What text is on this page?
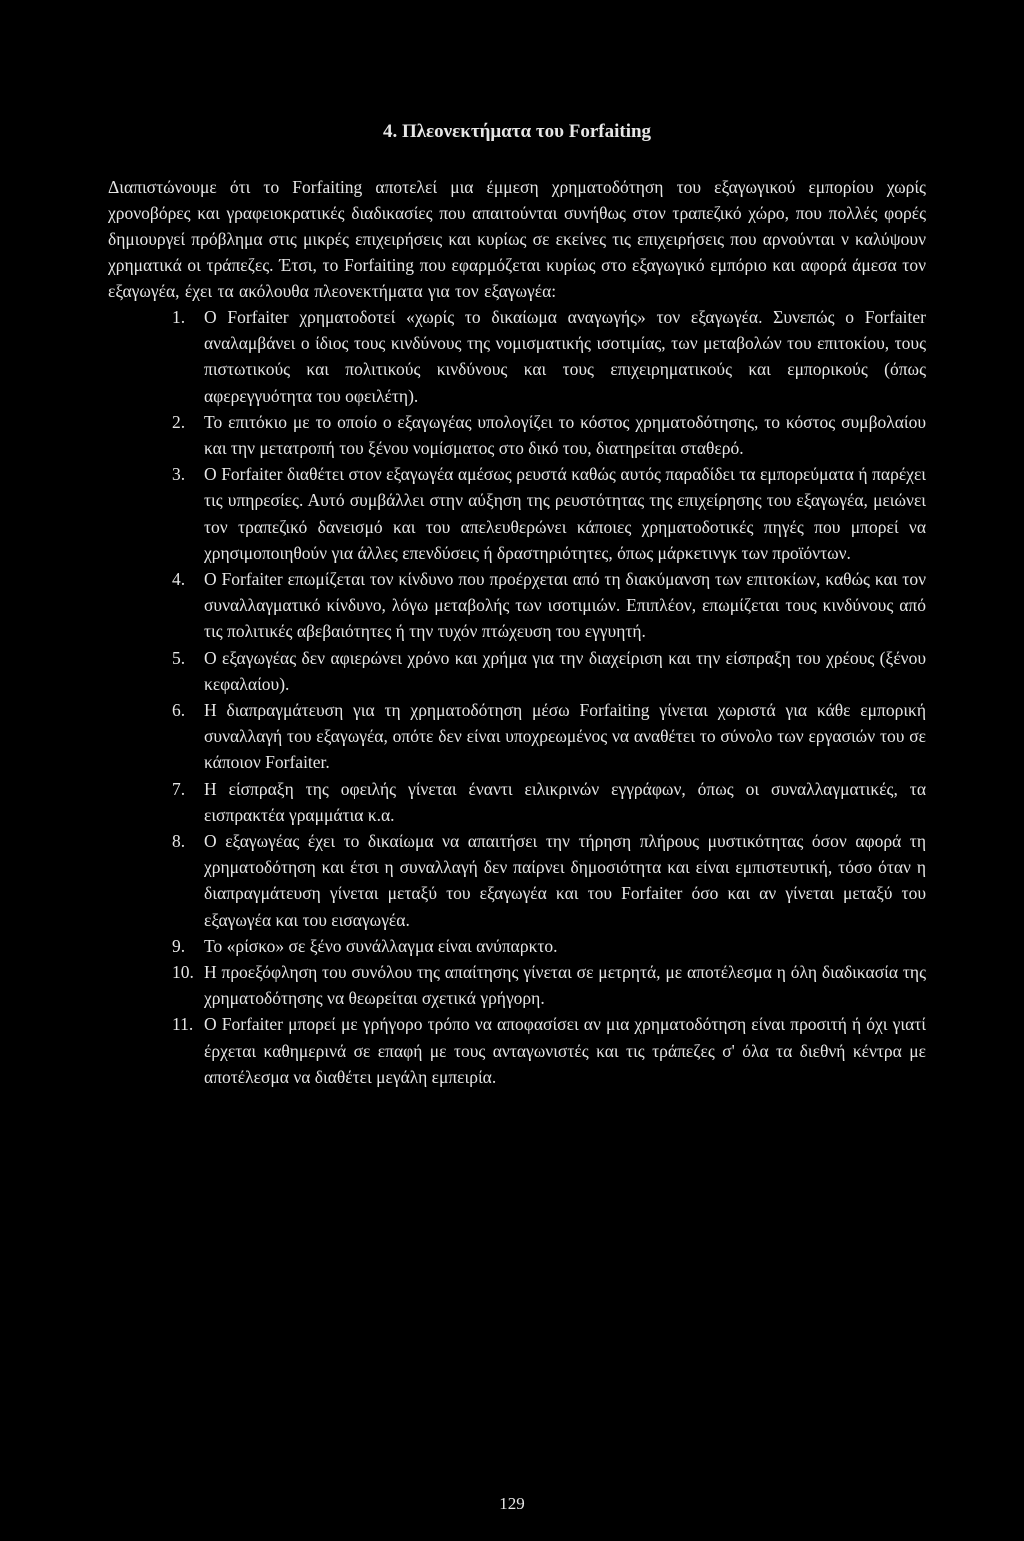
4. Πλεονεκτήματα του Forfaiting

Διαπιστώνουμε ότι το Forfaiting αποτελεί μια έμμεση χρηματοδότηση του εξαγωγικού εμπορίου χωρίς χρονοβόρες και γραφειοκρατικές διαδικασίες που απαιτούνται συνήθως στον τραπεζικό χώρο, που πολλές φορές δημιουργεί πρόβλημα στις μικρές επιχειρήσεις και κυρίως σε εκείνες τις επιχειρήσεις που αρνούνται ν καλύψουν χρηματικά οι τράπεζες. Έτσι, το Forfaiting που εφαρμόζεται κυρίως στο εξαγωγικό εμπόριο και αφορά άμεσα τον εξαγωγέα, έχει τα ακόλουθα πλεονεκτήματα για τον εξαγωγέα:

1. Ο Forfaiter χρηματοδοτεί «χωρίς το δικαίωμα αναγωγής» τον εξαγωγέα. Συνεπώς ο Forfaiter αναλαμβάνει ο ίδιος τους κινδύνους της νομισματικής ισοτιμίας, των μεταβολών του επιτοκίου, τους πιστωτικούς και πολιτικούς κινδύνους και τους επιχειρηματικούς και εμπορικούς (όπως αφερεγγυότητα του οφειλέτη).
2. Το επιτόκιο με το οποίο ο εξαγωγέας υπολογίζει το κόστος χρηματοδότησης, το κόστος συμβολαίου και την μετατροπή του ξένου νομίσματος στο δικό του, διατηρείται σταθερό.
3. Ο Forfaiter διαθέτει στον εξαγωγέα αμέσως ρευστά καθώς αυτός παραδίδει τα εμπορεύματα ή παρέχει τις υπηρεσίες. Αυτό συμβάλλει στην αύξηση της ρευστότητας της επιχείρησης του εξαγωγέα, μειώνει τον τραπεζικό δανεισμό και του απελευθερώνει κάποιες χρηματοδοτικές πηγές που μπορεί να χρησιμοποιηθούν για άλλες επενδύσεις ή δραστηριότητες, όπως μάρκετινγκ των προϊόντων.
4. Ο Forfaiter επωμίζεται τον κίνδυνο που προέρχεται από τη διακύμανση των επιτοκίων, καθώς και τον συναλλαγματικό κίνδυνο, λόγω μεταβολής των ισοτιμιών. Επιπλέον, επωμίζεται τους κινδύνους από τις πολιτικές αβεβαιότητες ή την τυχόν πτώχευση του εγγυητή.
5. Ο εξαγωγέας δεν αφιερώνει χρόνο και χρήμα για την διαχείριση και την είσπραξη του χρέους (ξένου κεφαλαίου).
6. Η διαπραγμάτευση για τη χρηματοδότηση μέσω Forfaiting γίνεται χωριστά για κάθε εμπορική συναλλαγή του εξαγωγέα, οπότε δεν είναι υποχρεωμένος να αναθέτει το σύνολο των εργασιών του σε κάποιον Forfaiter.
7. Η είσπραξη της οφειλής γίνεται έναντι ειλικρινών εγγράφων, όπως οι συναλλαγματικές, τα εισπρακτέα γραμμάτια κ.α.
8. Ο εξαγωγέας έχει το δικαίωμα να απαιτήσει την τήρηση πλήρους μυστικότητας όσον αφορά τη χρηματοδότηση και έτσι η συναλλαγή δεν παίρνει δημοσιότητα και είναι εμπιστευτική, τόσο όταν η διαπραγμάτευση γίνεται μεταξύ του εξαγωγέα και του Forfaiter όσο και αν γίνεται μεταξύ του εξαγωγέα και του εισαγωγέα.
9. Το «ρίσκο» σε ξένο συνάλλαγμα είναι ανύπαρκτο.
10. Η προεξόφληση του συνόλου της απαίτησης γίνεται σε μετρητά, με αποτέλεσμα η όλη διαδικασία της χρηματοδότησης να θεωρείται σχετικά γρήγορη.
11. Ο Forfaiter μπορεί με γρήγορο τρόπο να αποφασίσει αν μια χρηματοδότηση είναι προσιτή ή όχι γιατί έρχεται καθημερινά σε επαφή με τους ανταγωνιστές και τις τράπεζες σ' όλα τα διεθνή κέντρα με αποτέλεσμα να διαθέτει μεγάλη εμπειρία.
129
